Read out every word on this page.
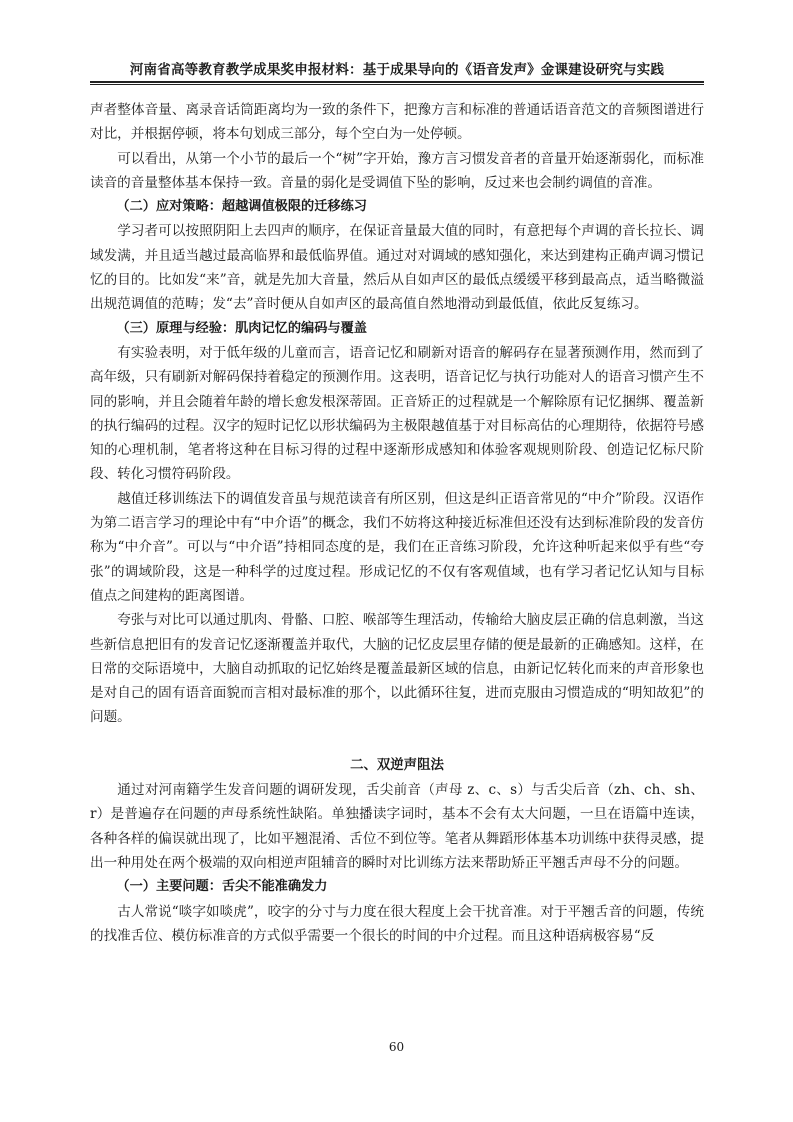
河南省高等教育教学成果奖申报材料：基于成果导向的《语音发声》金课建设研究与实践

声者整体音量、离录音话筒距离均为一致的条件下，把豫方言和标准的普通话语音范文的音频图谱进行对比，并根据停顿，将本句划成三部分，每个空白为一处停顿。

可以看出，从第一个小节的最后一个“树”字开始，豫方言习惯发音者的音量开始逐渐弱化，而标准读音的音量整体基本保持一致。音量的弱化是受调值下坠的影响，反过来也会制约调值的音准。

（二）应对策略：超越调值极限的迁移练习

学习者可以按照阴阳上去四声的顺序，在保证音量最大值的同时，有意把每个声调的音长拉长、调域发满，并且适当越过最高临界和最低临界值。通过对对调域的感知强化，来达到建构正确声调习惯记忆的目的。比如发“来”音，就是先加大音量，然后从自如声区的最低点缓缓平移到最高点，适当略微溢出规范调值的范畴；发“去”音时便从自如声区的最高值自然地滑动到最低值，依此反复练习。

（三）原理与经验：肌肉记忆的编码与覆盖

有实验表明，对于低年级的儿童而言，语音记忆和刷新对语音的解码存在显著预测作用，然而到了高年级，只有刷新对解码保持着稳定的预测作用。这表明，语音记忆与执行功能对人的语音习惯产生不同的影响，并且会随着年龄的增长愈发根深蒂固。正音矫正的过程就是一个解除原有记忆捆绑、覆盖新的执行编码的过程。汉字的短时记忆以形状编码为主极限越值基于对目标高估的心理期待，依据符号感知的心理机制，笔者将这种在目标习得的过程中逐渐形成感知和体验客观规则阶段、创造记忆标尺阶段、转化习惯符码阶段。

越值迁移训练法下的调值发音虽与规范读音有所区别，但这是纠正语音常见的“中介”阶段。汉语作为第二语言学习的理论中有“中介语”的概念，我们不妨将这种接近标准但还没有达到标准阶段的发音仿称为“中介音”。可以与“中介语”持相同态度的是，我们在正音练习阶段，允许这种听起来似乎有些“夸张”的调域阶段，这是一种科学的过度过程。形成记忆的不仅有客观值域，也有学习者记忆认知与目标值点之间建构的距离图谱。

夸张与对比可以通过肌肉、骨骼、口腔、喉部等生理活动，传输给大脑皮层正确的信息刺激，当这些新信息把旧有的发音记忆逐渐覆盖并取代，大脑的记忆皮层里存储的便是最新的正确感知。这样，在日常的交际语境中，大脑自动抓取的记忆始终是覆盖最新区域的信息，由新记忆转化而来的声音形象也是对自己的固有语音面貌而言相对最标准的那个，以此循环往复，进而克服由习惯造成的“明知故犯”的问题。

二、双逆声阻法

通过对河南籍学生发音问题的调研发现，舌尖前音（声母 z、c、s）与舌尖后音（zh、ch、sh、r）是普遍存在问题的声母系统性缺陷。单独播读字词时，基本不会有太大问题，一旦在语篇中连读，各种各样的偏误就出现了，比如平翘混淆、舌位不到位等。笔者从舞蹈形体基本功训练中获得灵感，提出一种用处在两个极端的双向相逆声阻辅音的瞬时对比训练方法来帮助矫正平翘舌声母不分的问题。

（一）主要问题：舌尖不能准确发力

古人常说“啖字如啖虎”，咬字的分寸与力度在很大程度上会干扰音准。对于平翘舌音的问题，传统的找准舌位、模仿标准音的方式似乎需要一个很长的时间的中介过程。而且这种语病极容易“反

60
